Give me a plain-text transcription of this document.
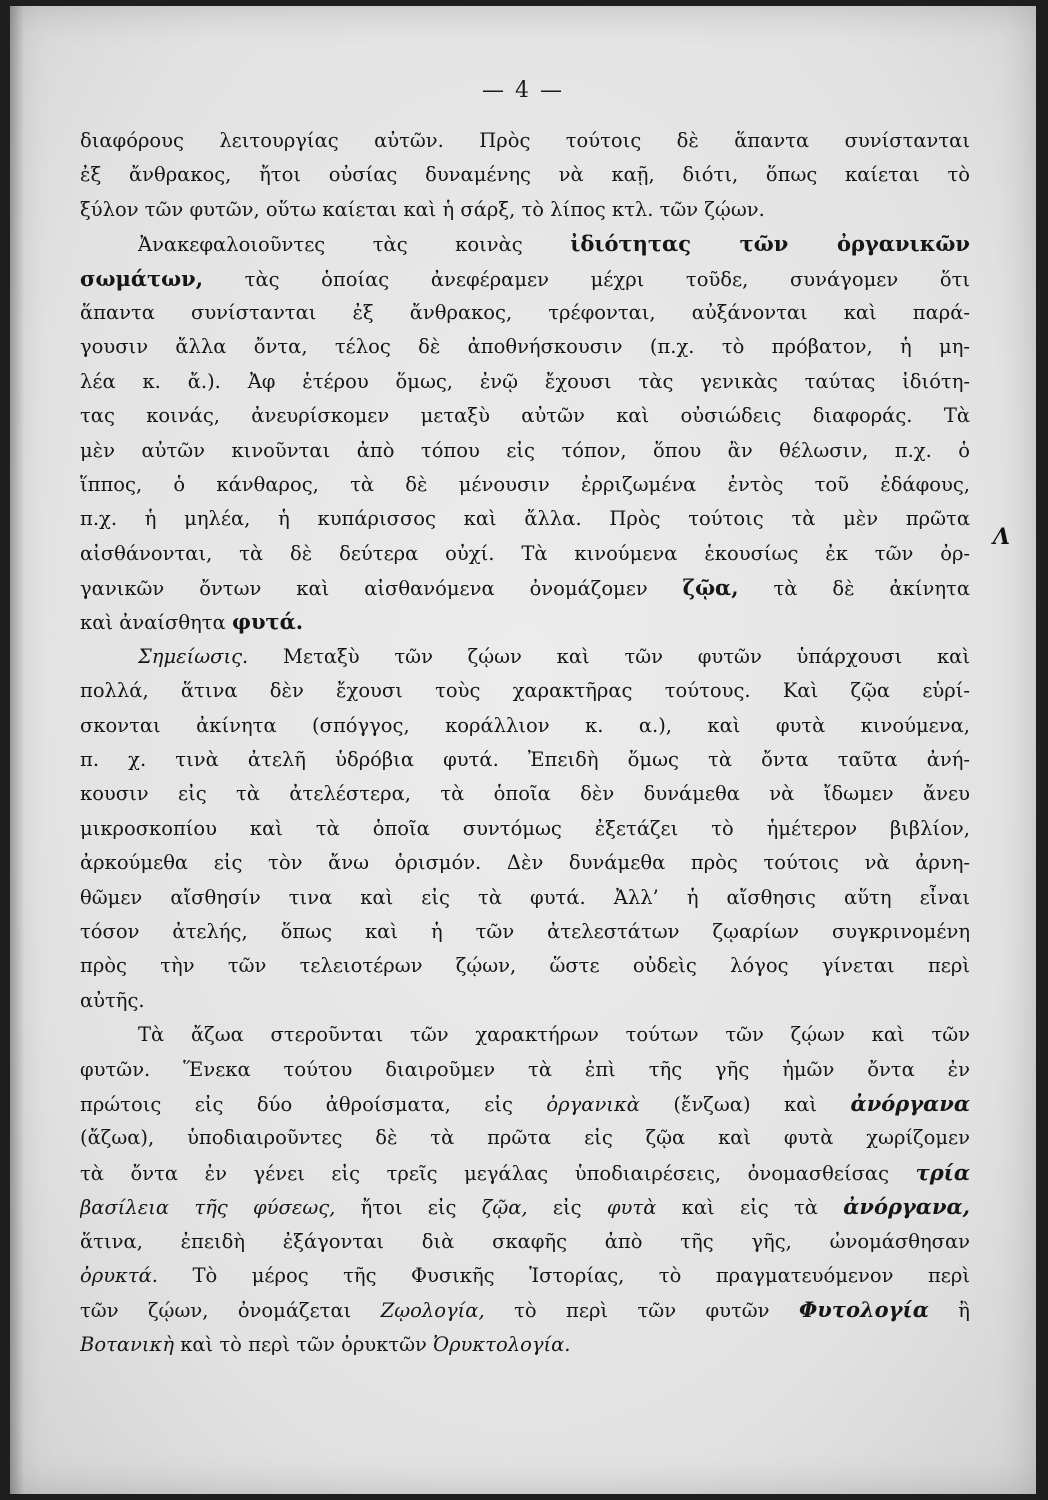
— 4 —
διαφόρους λειτουργίας αὐτῶν. Πρὸς τούτοις δὲ ἅπαντα συνίστανται
ἐξ ἄνθρακος, ἤτοι οὐσίας δυναμένης νὰ καῇ, διότι, ὅπως καίεται τὸ
ξύλον τῶν φυτῶν, οὕτω καίεται καὶ ἡ σάρξ, τὸ λίπος κτλ. τῶν ζῴων.
Ἀνακεφαλοιοῦντες τὰς κοινὰς ἰδιότητας τῶν ὀργανικῶν
σωμάτων, τὰς ὁποίας ἀνεφέραμεν μέχρι τοῦδε, συνάγομεν ὅτι
ἅπαντα συνίστανται ἐξ ἄνθρακος, τρέφονται, αὐξάνονται καὶ παρά-
γουσιν ἄλλα ὄντα, τέλος δὲ ἀποθνήσκουσιν (π.χ. τὸ πρόβατον, ἡ μη-
λέα κ. ἄ.). Ἀφ ἑτέρου ὅμως, ἐνῷ ἔχουσι τὰς γενικὰς ταύτας ἰδιότη-
τας κοινάς, ἀνευρίσκομεν μεταξὺ αὐτῶν καὶ οὐσιώδεις διαφοράς. Τὰ
μὲν αὐτῶν κινοῦνται ἀπὸ τόπου εἰς τόπον, ὅπου ἂν θέλωσιν, π.χ. ὁ
ἵππος, ὁ κάνθαρος, τὰ δὲ μένουσιν ἐρριζωμένα ἐντὸς τοῦ ἐδάφους,
π.χ. ἡ μηλέα, ἡ κυπάρισσος καὶ ἄλλα. Πρὸς τούτοις τὰ μὲν πρῶτα
αἰσθάνονται, τὰ δὲ δεύτερα οὐχί. Τὰ κινούμενα ἑκουσίως ἐκ τῶν ὀρ-
γανικῶν ὄντων καὶ αἰσθανόμενα ὀνομάζομεν ζῷα, τὰ δὲ ἀκίνητα
καὶ ἀναίσθητα φυτά.
Σημείωσις. Μεταξὺ τῶν ζῴων καὶ τῶν φυτῶν ὑπάρχουσι καὶ
πολλά, ἅτινα δὲν ἔχουσι τοὺς χαρακτῆρας τούτους. Καὶ ζῷα εὑρί-
σκονται ἀκίνητα (σπόγγος, κοράλλιον κ. α.), καὶ φυτὰ κινούμενα,
π. χ. τινὰ ἀτελῆ ὑδρόβια φυτά. Ἐπειδὴ ὅμως τὰ ὄντα ταῦτα ἀνή-
κουσιν εἰς τὰ ἀτελέστερα, τὰ ὁποῖα δὲν δυνάμεθα νὰ ἴδωμεν ἄνευ
μικροσκοπίου καὶ τὰ ὁποῖα συντόμως ἐξετάζει τὸ ἡμέτερον βιβλίον,
ἀρκούμεθα εἰς τὸν ἄνω ὁρισμόν. Δὲν δυνάμεθα πρὸς τούτοις νὰ ἀρνη-
θῶμεν αἴσθησίν τινα καὶ εἰς τὰ φυτά. Ἀλλ’ ἡ αἴσθησις αὕτη εἶναι
τόσον ἀτελής, ὅπως καὶ ἡ τῶν ἀτελεστάτων ζῳαρίων συγκρινομένη
πρὸς τὴν τῶν τελειοτέρων ζῴων, ὥστε οὐδεὶς λόγος γίνεται περὶ
αὐτῆς.
Τὰ ἄζωα στεροῦνται τῶν χαρακτήρων τούτων τῶν ζῴων καὶ τῶν
φυτῶν. Ἕνεκα τούτου διαιροῦμεν τὰ ἐπὶ τῆς γῆς ἡμῶν ὄντα ἐν
πρώτοις εἰς δύο ἀθροίσματα, εἰς ὀργανικὰ (ἔνζωα) καὶ ἀνόργανα
(ἄζωα), ὑποδιαιροῦντες δὲ τὰ πρῶτα εἰς ζῷα καὶ φυτὰ χωρίζομεν
τὰ ὄντα ἐν γένει εἰς τρεῖς μεγάλας ὑποδιαιρέσεις, ὀνομασθείσας τρία
βασίλεια τῆς φύσεως, ἤτοι εἰς ζῷα, εἰς φυτὰ καὶ εἰς τὰ ἀνόργανα,
ἅτινα, ἐπειδὴ ἐξάγονται διὰ σκαφῆς ἀπὸ τῆς γῆς, ὠνομάσθησαν
ὀρυκτά. Τὸ μέρος τῆς Φυσικῆς Ἱστορίας, τὸ πραγματευόμενον περὶ
τῶν ζῴων, ὀνομάζεται Ζῳολογία, τὸ περὶ τῶν φυτῶν Φυτολογία ἢ
Βοτανικὴ καὶ τὸ περὶ τῶν ὀρυκτῶν Ὀρυκτολογία.
Λ
